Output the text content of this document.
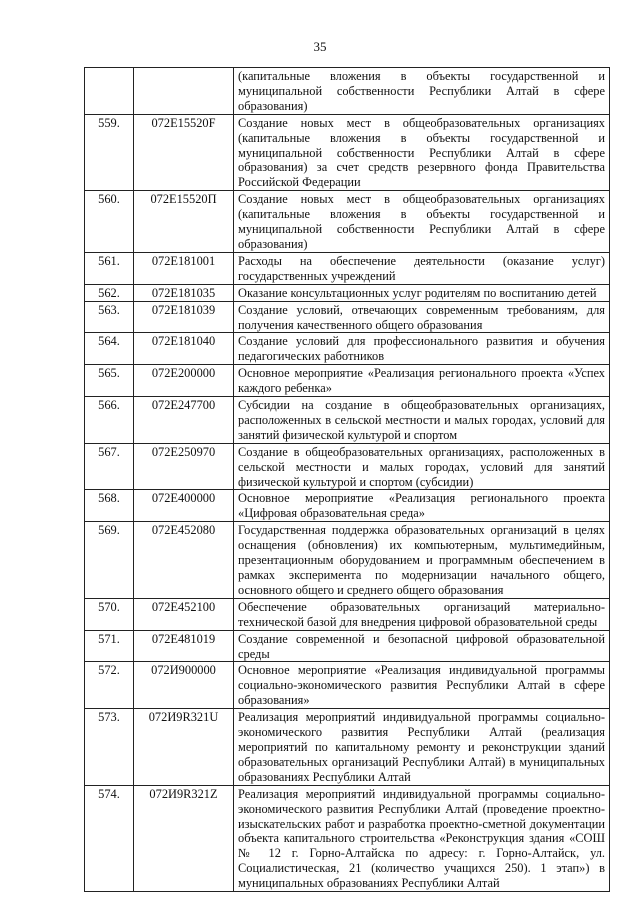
35
		(капитальные вложения в объекты государственной и муниципальной собственности Республики Алтай в сфере образования)
559.	072E15520F	Создание новых мест в общеобразовательных организациях (капитальные вложения в объекты государственной и муниципальной собственности Республики Алтай в сфере образования) за счет средств резервного фонда Правительства Российской Федерации
560.	072E15520П	Создание новых мест в общеобразовательных организациях (капитальные вложения в объекты государственной и муниципальной собственности Республики Алтай в сфере образования)
561.	072E181001	Расходы на обеспечение деятельности (оказание услуг) государственных учреждений
562.	072E181035	Оказание консультационных услуг родителям по воспитанию детей
563.	072E181039	Создание условий, отвечающих современным требованиям, для получения качественного общего образования
564.	072E181040	Создание условий для профессионального развития и обучения педагогических работников
565.	072E200000	Основное мероприятие «Реализация регионального проекта «Успех каждого ребенка»
566.	072E247700	Субсидии на создание в общеобразовательных организациях, расположенных в сельской местности и малых городах, условий для занятий физической культурой и спортом
567.	072E250970	Создание в общеобразовательных организациях, расположенных в сельской местности и малых городах, условий для занятий физической культурой и спортом (субсидии)
568.	072E400000	Основное мероприятие «Реализация регионального проекта «Цифровая образовательная среда»
569.	072E452080	Государственная поддержка образовательных организаций в целях оснащения (обновления) их компьютерным, мультимедийным, презентационным оборудованием и программным обеспечением в рамках эксперимента по модернизации начального общего, основного общего и среднего общего образования
570.	072E452100	Обеспечение образовательных организаций материально-технической базой для внедрения цифровой образовательной среды
571.	072E481019	Создание современной и безопасной цифровой образовательной среды
572.	072И900000	Основное мероприятие «Реализация индивидуальной программы социально-экономического развития Республики Алтай в сфере образования»
573.	072И9R321U	Реализация мероприятий индивидуальной программы социально-экономического развития Республики Алтай (реализация мероприятий по капитальному ремонту и реконструкции зданий образовательных организаций Республики Алтай) в муниципальных образованиях Республики Алтай
574.	072И9R321Z	Реализация мероприятий индивидуальной программы социально-экономического развития Республики Алтай (проведение проектно-изыскательских работ и разработка проектно-сметной документации объекта капитального строительства «Реконструкция здания «СОШ № 12 г. Горно-Алтайска по адресу: г. Горно-Алтайск, ул. Социалистическая, 21 (количество учащихся 250). 1 этап») в муниципальных образованиях Республики Алтай
